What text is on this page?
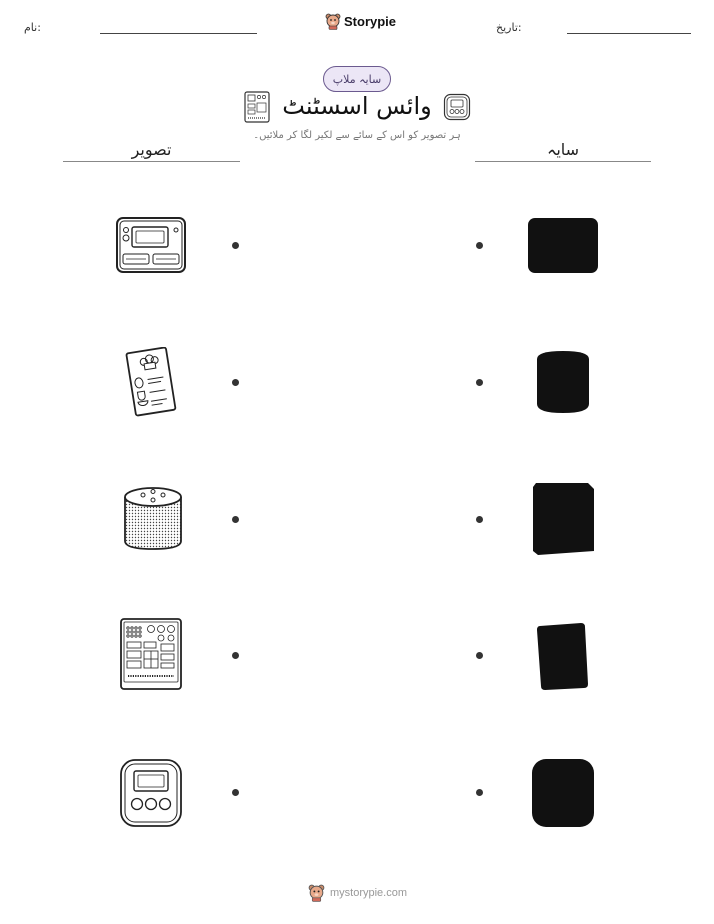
نام:	Storypie	تاریخ:
سایہ ملاپ
وائس اسسٹنٹ
ہر تصویر کو اس کے سائے سے لکیر لگا کر ملائیں۔
تصویر	سایہ
mystorypie.com
